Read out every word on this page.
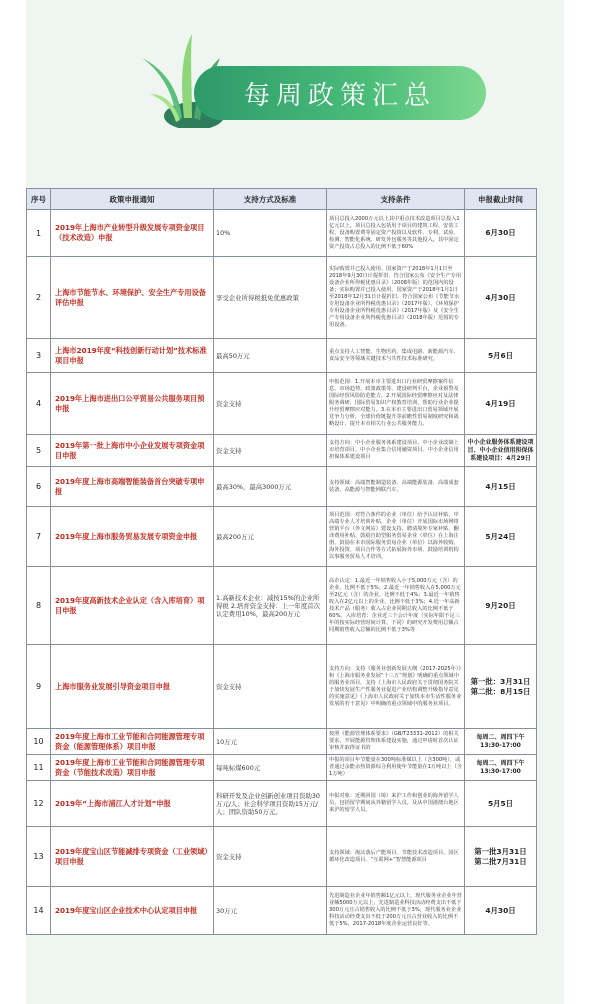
每周政策汇总
序号	政策申报通知	支持方式及标准	支持条件	申报截止时间
1	2019年上海市产业转型升级发展专项资金项目（技术改造）申报	10%	项目总投入2000万元以上其中重点技术改造项目总投入1亿元以上。项目总投入包括用于项目的建筑工程、安装工程、设备购置费等固定资产投资以及软件、专利、试验、检测、智能化系统、研发外包服务等其他投入，其中固定资产投资占总投入的比例不低于60%	6月30日

2	上海市节能节水、环境保护、安全生产专用设备评估申报	享受企业所得税抵免优惠政策	实际购置并已投入使用、国家资产于2018年1月1日至2018年9月30日计提折旧、符合国家公布《安全生产专用设备企业所得税优惠目录》（2008年版）的范围内的设备；实际购置并已投入使用、国家资产于2018年1月1日至2018年12月31日计提折旧、符合国家公布《节能节水专用设备企业所得税优惠目录》（2017年版）、《环境保护专用设备企业所得税优惠目录》（2017年版）及《安全生产专用设备企业所得税优惠目录》（2018年版）范围的专用设备。	4月30日

3	上海市2019年度“科技创新行动计划”技术标准项目申报	最高50万元	重点支持人工智能、生物医药、集成电路、新能源汽车、食品安全等领域关键技术与共性技术标准研究。	5月6日

4	2019年上海市进出口公平贸易公共服务项目预申报	资金支持	申报范围：1.开展本市主要进出口行业研贸摩擦案件信息、市场趋势、政策政策等，建设研判平台，企业预警及国际经贸风险防范能力。2.开展国际经贸摩擦应对及法律服务调研，国际贸易知识产权教育培训，帮助行业企业提升经贸摩擦应对能力。3.在本市主要进出口贸易领域开展竞争力分析，全球价值链提升等前瞻性贸易制度研究和战略设计，提升本市相关行业公共服务能力。	4月19日

5	2019年第一批上海市中小企业发展专项资金项目申报	资金支持	支持方向：中小企业服务体系建设项目、中小企业改制上市培育项目、中小企业集合信用融资项目、中小企业信用担保体系建设项目	中小企业服务体系建设项目、中小企业信用担保体系建设项目：4月29日

6	2019年度上海市高端智能装备首台突破专项申报	最高30%，最高3000万元	支持领域：高端智能制造装备、高端能源装备、高端成套装备、高能源与智能网联汽车。	4月15日

7	2019年度上海市服务贸易发展专项资金申报	最高200万元	项目范围：对符合条件的企业（单位）给予认证补贴、中高端专业人才培训补贴、企业（单位）开展国际市场网络营销平台（外文网站）建设支持、聘请境外专家补贴、翻译费用补贴、鼓励自助型服务贸易企业（单位）在上海注册、鼓励在本市国际服务贸易企业（单位）以海外收购、海外投资、项目合作等方式拓展海外市场、鼓励培训机构以事服务贸易人才培训。	5月24日

8	2019年度高新技术企业认定（含入库培育）项目申报	1.高新技术企业：减按15%的企业所得税 2.培育资金支持：上一年度首次认定费用10%，最高200万元	高企认定：1.最近一年销售收入小于5,000万元（含）的企业，比例不低于5%；2.最近一年销售收入在5,000万元至2亿元（含）的企业，比例不低于4%；3.最近一年销售收入在2亿元以上的企业，比例不低于3%；4.近一年高新技术产品（服务）收入占企业同期总收入的比例不低于60%。入库培育：企业近三个会计年度（实际年限不足三年的按实际经营时间计算，下同）的研究开发费用总额占同期销售收入总额的比例不低于3%等	9月20日

9	上海市服务业发展引导资金项目申报	资金支持	支持方向：支持《服务业创新发展大纲（2017-2025年）》和《上海市服务业发展“十三五”规划》明确的重点领域中的服务业项目，支持《上海市人民政府关于贯彻国务院关于加快发展生产性服务业促进产业结构调整升级指导意见的实施意见》《上海市人民政府关于加快本市生活性服务业发展的若干意见》中明确的重点领域中的服务业项目。	第一批：3月31日
第二批：8月15日

10	2019年度上海市工业节能和合同能源管理专项资金（能源管理体系）项目申报	10万元	按照《能源管理体系要求》（GB/T23331-2012）的相关要求，开展能源管理体系建设实施，通过申请时首次认证审核并取得证书的	每周二、周四下午13:30-17:00

11	2019年度上海市工业节能和合同能源管理专项资金（节能技术改造）项目申报	每吨标煤600元	申报的项目年节能量在300吨标准煤以上（含300吨），或者通过余能余热资源综合利用使年节能量在1万吨以上（含1万吨）	每周二、周四下午13:30-17:00

12	2019年“上海市浦江人才计划”申报	科研开发及企业创新创业项目资助30万元/人；社会科学项目资助15万元/人；团队资助50万元。	申报对象：近期回国（境）来沪工作和创业的海外留学人员，包括留学期间从外籍留学人员，及从中国港澳台地区来沪的留学人员。	5月5日

13	2019年度宝山区节能减排专项资金（工业领域）项目申报	资金支持	支持领域：淘汰落后产能项目、节能技术改造项目、园区循环化改造项目、“互联网+”智慧能源项目	第一批3月31日
第二批7月31日

14	2019年度宝山区企业技术中心认定项目申报	30万元	先进制造业企业年销售额1亿元以上，现代服务业企业年营业额5000万元以上，先进制造业科技活动经费支出不低于300万元且占销售收入的比例不低于3%，现代服务业企业科技活动经费支出不低于200万元且占营业收入的比例不低于5%，2017-2018年度企业运营良好等。	4月30日
